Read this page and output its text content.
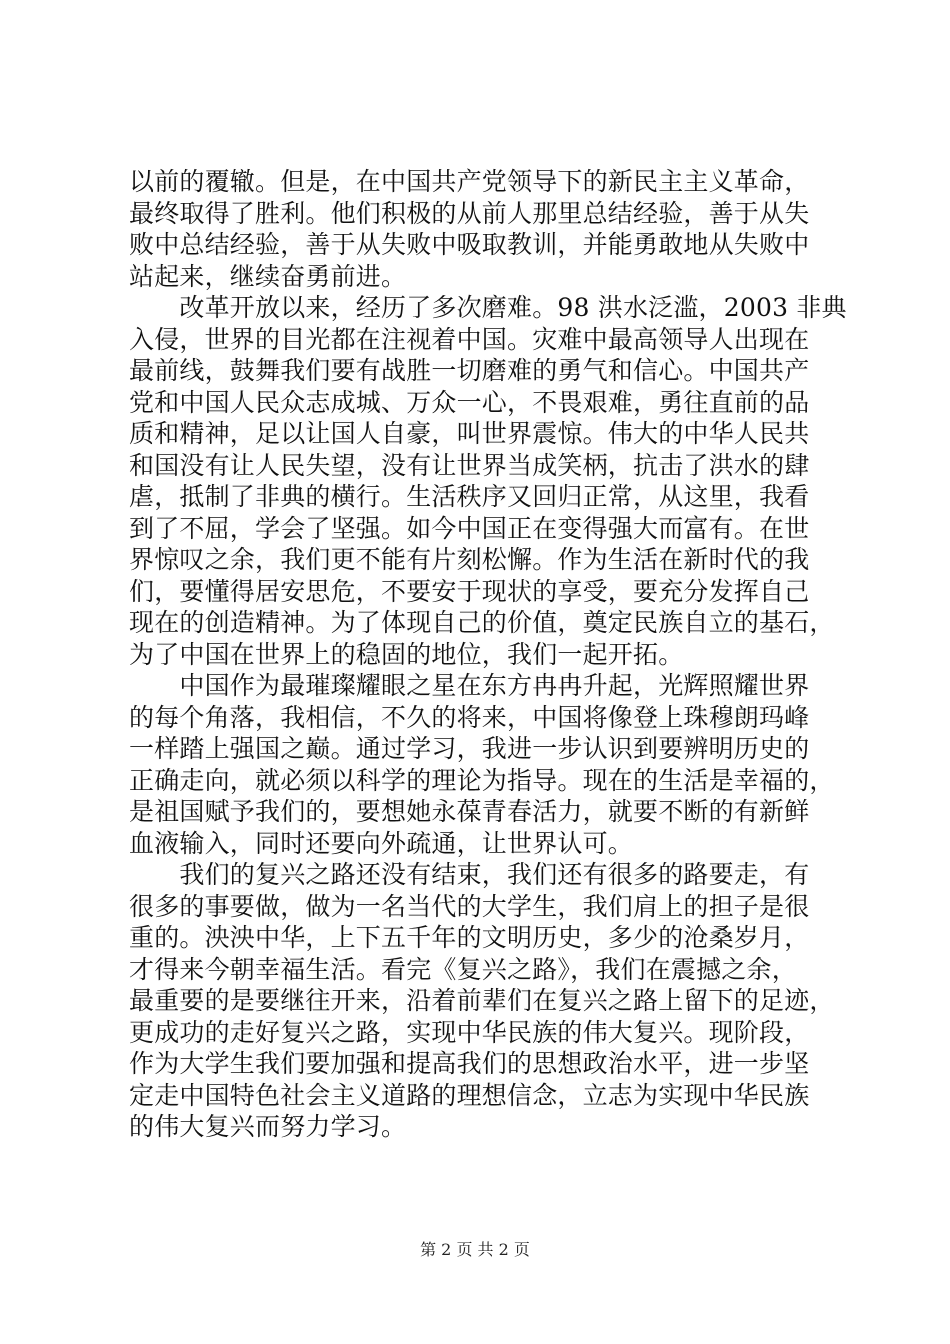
以前的覆辙。但是，在中国共产党领导下的新民主主义革命，
最终取得了胜利。他们积极的从前人那里总结经验，善于从失
败中总结经验，善于从失败中吸取教训，并能勇敢地从失败中
站起来，继续奋勇前进。
　　改革开放以来，经历了多次磨难。98 洪水泛滥，2003 非典
入侵，世界的目光都在注视着中国。灾难中最高领导人出现在
最前线，鼓舞我们要有战胜一切磨难的勇气和信心。中国共产
党和中国人民众志成城、万众一心，不畏艰难，勇往直前的品
质和精神，足以让国人自豪，叫世界震惊。伟大的中华人民共
和国没有让人民失望，没有让世界当成笑柄，抗击了洪水的肆
虐，抵制了非典的横行。生活秩序又回归正常，从这里，我看
到了不屈，学会了坚强。如今中国正在变得强大而富有。在世
界惊叹之余，我们更不能有片刻松懈。作为生活在新时代的我
们，要懂得居安思危，不要安于现状的享受，要充分发挥自己
现在的创造精神。为了体现自己的价值，奠定民族自立的基石，
为了中国在世界上的稳固的地位，我们一起开拓。
　　中国作为最璀璨耀眼之星在东方冉冉升起，光辉照耀世界
的每个角落，我相信，不久的将来，中国将像登上珠穆朗玛峰
一样踏上强国之巅。通过学习，我进一步认识到要辨明历史的
正确走向，就必须以科学的理论为指导。现在的生活是幸福的，
是祖国赋予我们的，要想她永葆青春活力，就要不断的有新鲜
血液输入，同时还要向外疏通，让世界认可。
　　我们的复兴之路还没有结束，我们还有很多的路要走，有
很多的事要做，做为一名当代的大学生，我们肩上的担子是很
重的。泱泱中华，上下五千年的文明历史，多少的沧桑岁月，
才得来今朝幸福生活。看完《复兴之路》，我们在震撼之余，
最重要的是要继往开来，沿着前辈们在复兴之路上留下的足迹，
更成功的走好复兴之路，实现中华民族的伟大复兴。现阶段，
作为大学生我们要加强和提高我们的思想政治水平，进一步坚
定走中国特色社会主义道路的理想信念，立志为实现中华民族
的伟大复兴而努力学习。
第 2 页 共 2 页
